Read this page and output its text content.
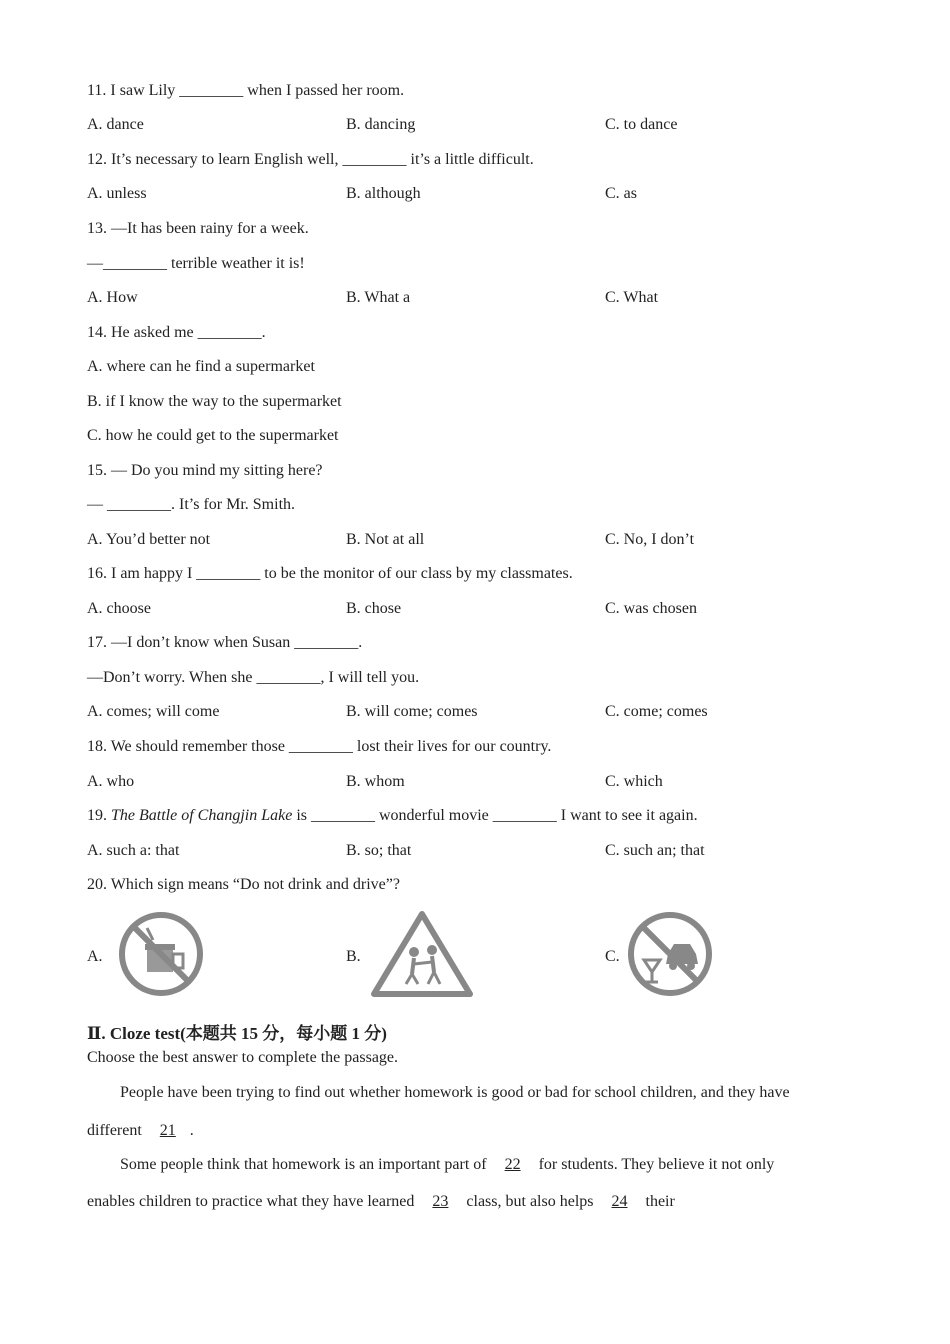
11. I saw Lily ________ when I passed her room.
A. dance	B. dancing	C. to dance
12. It’s necessary to learn English well, ________ it’s a little difficult.
A. unless	B. although	C. as
13. —It has been rainy for a week.
—________ terrible weather it is!
A. How	B. What a	C. What
14. He asked me ________.
A. where can he find a supermarket
B. if I know the way to the supermarket
C. how he could get to the supermarket
15. — Do you mind my sitting here?
— ________. It’s for Mr. Smith.
A. You’d better not	B. Not at all	C. No, I don’t
16. I am happy I ________ to be the monitor of our class by my classmates.
A. choose	B. chose	C. was chosen
17. —I don’t know when Susan ________.
—Don’t worry. When she ________, I will tell you.
A. comes; will come	B. will come; comes	C. come; comes
18. We should remember those ________ lost their lives for our country.
A. who	B. whom	C. which
19. The Battle of Changjin Lake is ________ wonderful movie ________ I want to see it again.
A. such a: that	B. so; that	C. such an; that
20. Which sign means “Do not drink and drive”?
A.	B.	C.
Ⅱ. Cloze test(本题共 15 分，每小题 1 分)
Choose the best answer to complete the passage.
People have been trying to find out whether homework is good or bad for school children, and they have
different 21 .
Some people think that homework is an important part of 22 for students. They believe it not only
enables children to practice what they have learned 23 class, but also helps 24 their
